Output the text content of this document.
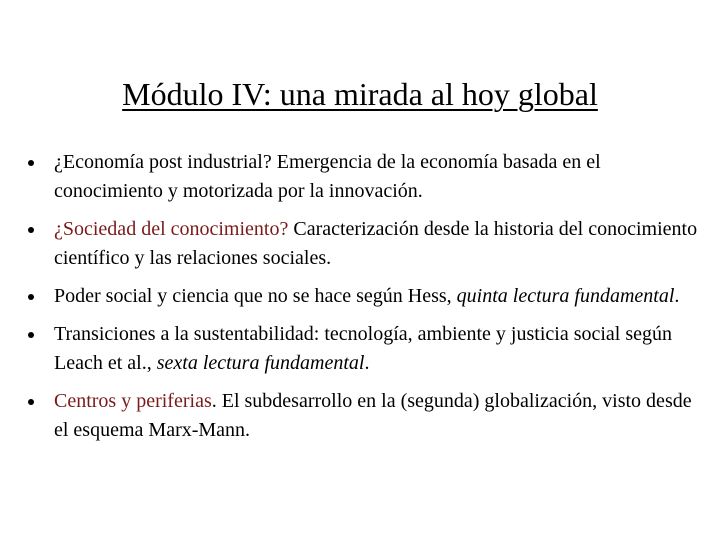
Módulo IV: una mirada al hoy global
¿Economía post industrial? Emergencia de la economía basada en el conocimiento y motorizada por la innovación.
¿Sociedad del conocimiento? Caracterización desde la historia del conocimiento científico y las relaciones sociales.
Poder social y ciencia que no se hace según Hess, quinta lectura fundamental.
Transiciones a la sustentabilidad: tecnología, ambiente y justicia social según Leach et al., sexta lectura fundamental.
Centros y periferias. El subdesarrollo en la (segunda) globalización, visto desde el esquema Marx-Mann.
